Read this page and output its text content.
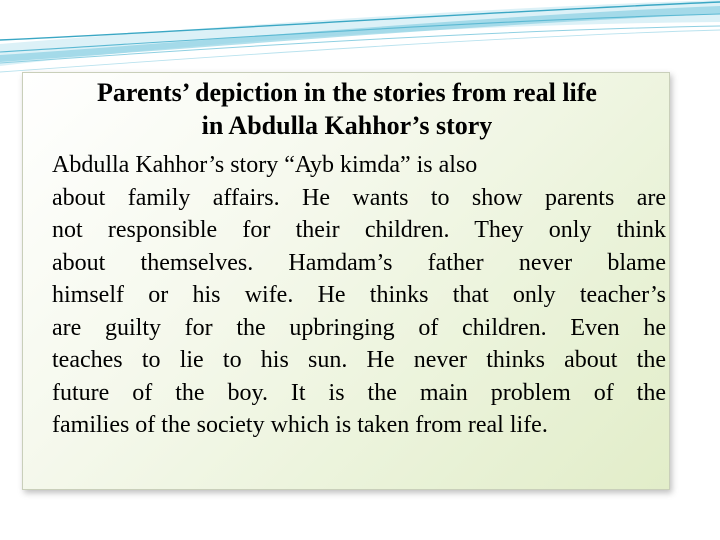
Parents’ depiction in the stories from real life
in Abdulla Kahhor’s story
Abdulla Kahhor’s story “Ayb kimda” is also
about family affairs. He wants to show parents are
not responsible for their children. They only think
about themselves. Hamdam’s father never blame
himself or his wife. He thinks that only teacher’s
are guilty for the upbringing of children. Even he
teaches to lie to his sun. He never thinks about the
future of the boy. It is the main problem of the
families of the society which is taken from real life.
